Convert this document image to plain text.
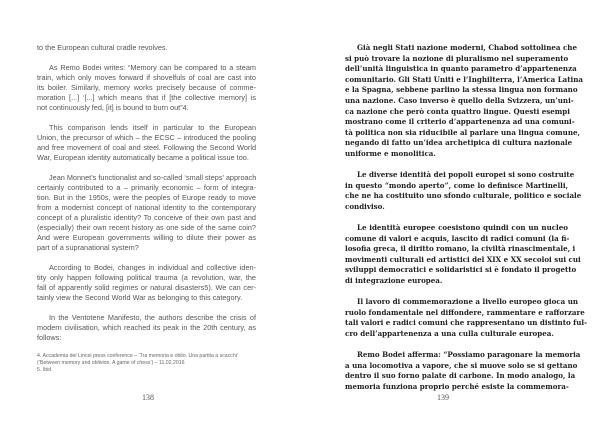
to the European cultural cradle revolves.
As Remo Bodei writes: “Memory can be compared to a steam
train, which only moves forward if shovelfuls of coal are cast into
its boiler. Similarly, memory works precisely because of comme-
moration [...] ‘[...] which means that if [the collective memory] is
not continuously fed, [it] is bound to burn out”4.
This comparison lends itself in particular to the European
Union, the precursor of which – the ECSC – introduced the pooling
and free movement of coal and steel. Following the Second World
War, European identity automatically became a political issue too.
Jean Monnet’s functionalist and so-called ‘small steps’ approach
certainly contributed to a – primarily economic – form of integra-
tion. But in the 1950s, were the peoples of Europe ready to move
from a modernist concept of national identity to the contemporary
concept of a pluralistic identity? To conceive of their own past and
(especially) their own recent history as one side of the same coin?
And were European governments willing to dilute their power as
part of a supranational system?
According to Bodei, changes in individual and collective iden-
tity only happen following political trauma (a revolution, war, the
fall of apparently solid regimes or natural disasters5). We can cer-
tainly view the Second World War as belonging to this category.
In the Ventotene Manifesto, the authors describe the crisis of
modern civilisation, which reached its peak in the 20th century, as
follows:
4. Accademia dei Lincei press conference – ‘Tra memoria e oblio. Una partita a scacchi’ (‘Between memory and oblivion. A game of chess’) – 11.02.2016
5. Ibid
138
Già negli Stati nazione moderni, Chabod sottolinea che
si può trovare la nozione di pluralismo nel superamento
dell’unità linguistica in quanto parametro d’appartenenza
comunitario. Gli Stati Uniti e l’Inghilterra, l’America Latina
e la Spagna, sebbene parlino la stessa lingua non formano
una nazione. Caso inverso è quello della Svizzera, un’uni-
ca nazione che però conta quattro lingue. Questi esempi
mostrano come il criterio d’appartenenza ad una comuni-
tà politica non sia riducibile al parlare una lingua comune,
negando di fatto un’idea archetipica di cultura nazionale
uniforme e monolitica.
Le diverse identità dei popoli europei si sono costruite
in questo “mondo aperto”, come lo definisce Martinelli,
che ne ha costituito uno sfondo culturale, politico e sociale
condiviso.
Le identità europee coesistono quindi con un nucleo
comune di valori e acquis, lascito di radici comuni (la fi-
losofia greca, il diritto romano, la civiltà rinascimentale, i
movimenti culturali ed artistici del XIX e XX secoloi sui cui
sviluppi democratici e solidaristici si è fondato il progetto
di integrazione europea.
Il lavoro di commemorazione a livello europeo gioca un
ruolo fondamentale nel diffondere, rammentare e rafforzare
tali valori e radici comuni che rappresentano un distinto ful-
cro dell’appartenenza a una culla culturale europea.
Remo Bodei afferma: “Possiamo paragonare la memoria
a una locomotiva a vapore, che si muove solo se si gettano
dentro il suo forno palate di carbone. In modo analogo, la
memoria funziona proprio perché esiste la commemora-
139
